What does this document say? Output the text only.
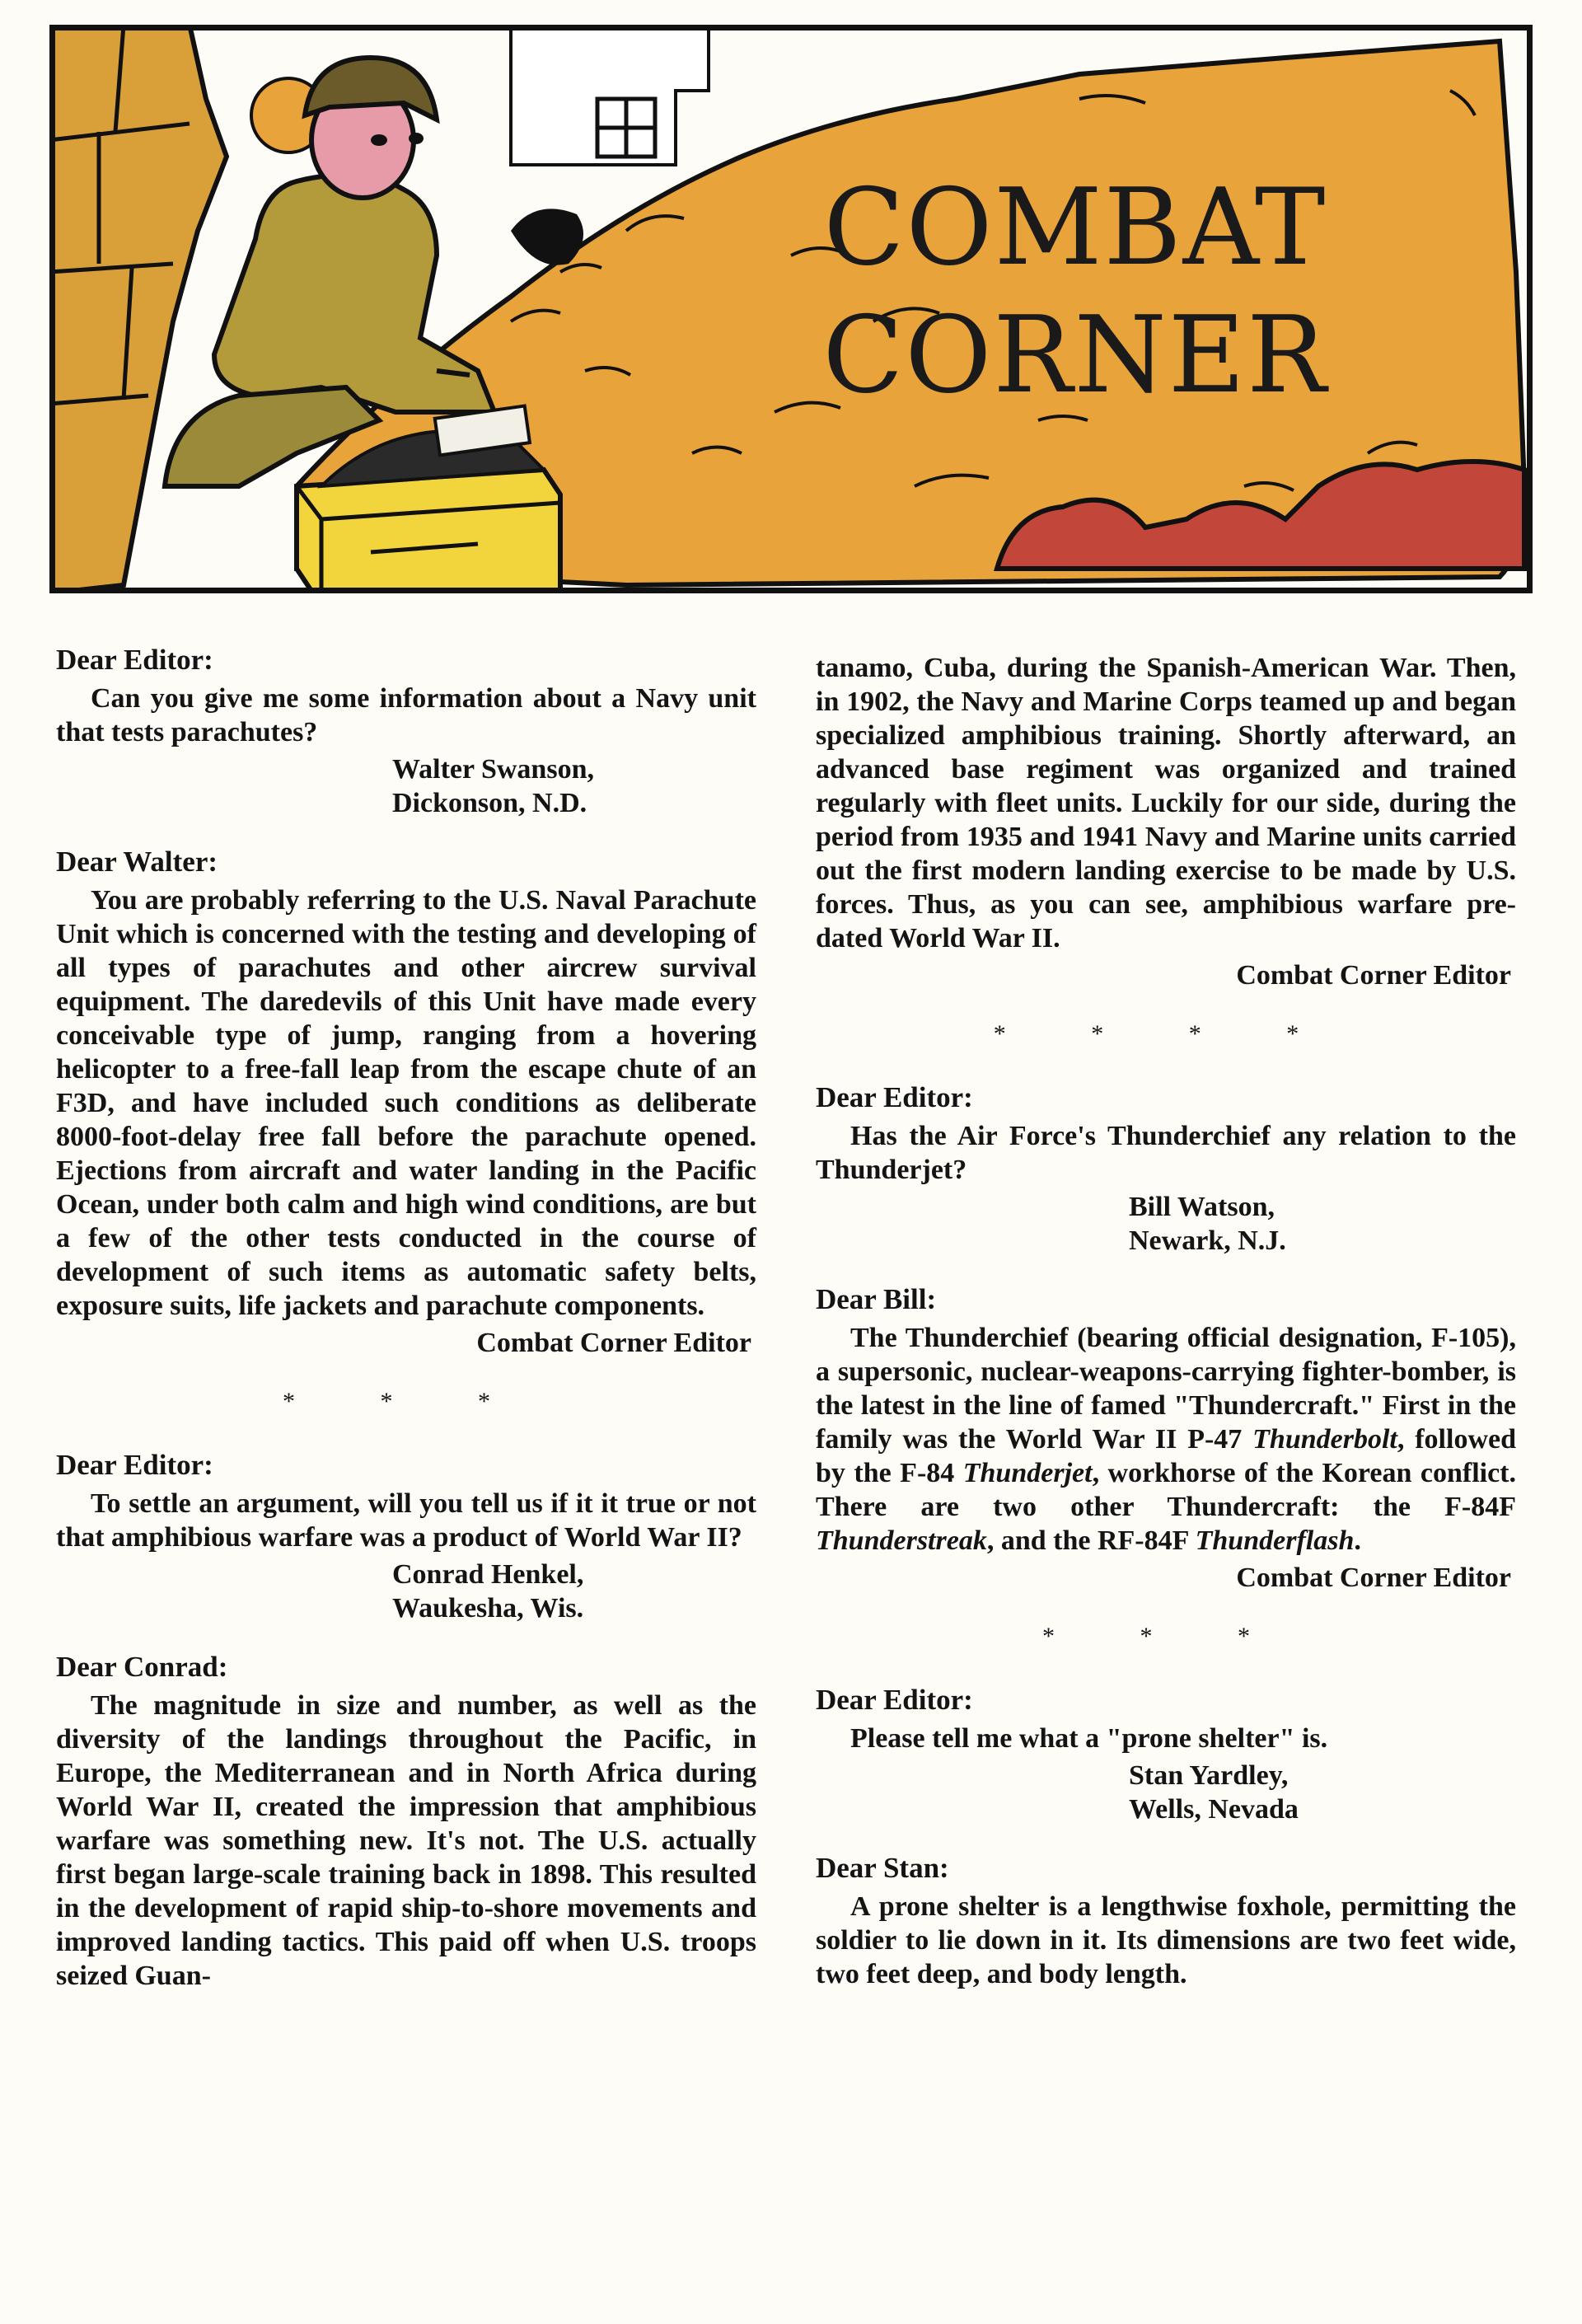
COMBAT
CORNER

Dear Editor:

Can you give me some information about a Navy unit that tests parachutes?

Walter Swanson,

Dickonson, N.D.

Dear Walter:

You are probably referring to the U.S. Naval Parachute Unit which is concerned with the testing and developing of all types of parachutes and other aircrew survival equipment. The daredevils of this Unit have made every conceivable type of jump, ranging from a hovering helicopter to a free-fall leap from the escape chute of an F3D, and have included such conditions as deliberate 8000-foot-delay free fall before the parachute opened. Ejections from aircraft and water landing in the Pacific Ocean, under both calm and high wind conditions, are but a few of the other tests conducted in the course of development of such items as automatic safety belts, exposure suits, life jackets and parachute components.

Combat Corner Editor

* * *

Dear Editor:

To settle an argument, will you tell us if it it true or not that amphibious warfare was a product of World War II?

Conrad Henkel,

Waukesha, Wis.

Dear Conrad:

The magnitude in size and number, as well as the diversity of the landings throughout the Pacific, in Europe, the Mediterranean and in North Africa during World War II, created the impression that amphibious warfare was something new. It's not. The U.S. actually first began large-scale training back in 1898. This resulted in the development of rapid ship-to-shore movements and improved landing tactics. This paid off when U.S. troops seized Guan-

tanamo, Cuba, during the Spanish-American War. Then, in 1902, the Navy and Marine Corps teamed up and began specialized amphibious training. Shortly afterward, an advanced base regiment was organized and trained regularly with fleet units. Luckily for our side, during the period from 1935 and 1941 Navy and Marine units carried out the first modern landing exercise to be made by U.S. forces. Thus, as you can see, amphibious warfare pre-dated World War II.

Combat Corner Editor

* * * *

Dear Editor:

Has the Air Force's Thunderchief any relation to the Thunderjet?

Bill Watson,

Newark, N.J.

Dear Bill:

The Thunderchief (bearing official designation, F-105), a supersonic, nuclear-weapons-carrying fighter-bomber, is the latest in the line of famed "Thundercraft." First in the family was the World War II P-47 Thunderbolt, followed by the F-84 Thunderjet, workhorse of the Korean conflict. There are two other Thundercraft: the F-84F Thunderstreak, and the RF-84F Thunderflash.

Combat Corner Editor

* * *

Dear Editor:

Please tell me what a "prone shelter" is.

Stan Yardley,

Wells, Nevada

Dear Stan:

A prone shelter is a lengthwise foxhole, permitting the soldier to lie down in it. Its dimensions are two feet wide, two feet deep, and body length.
